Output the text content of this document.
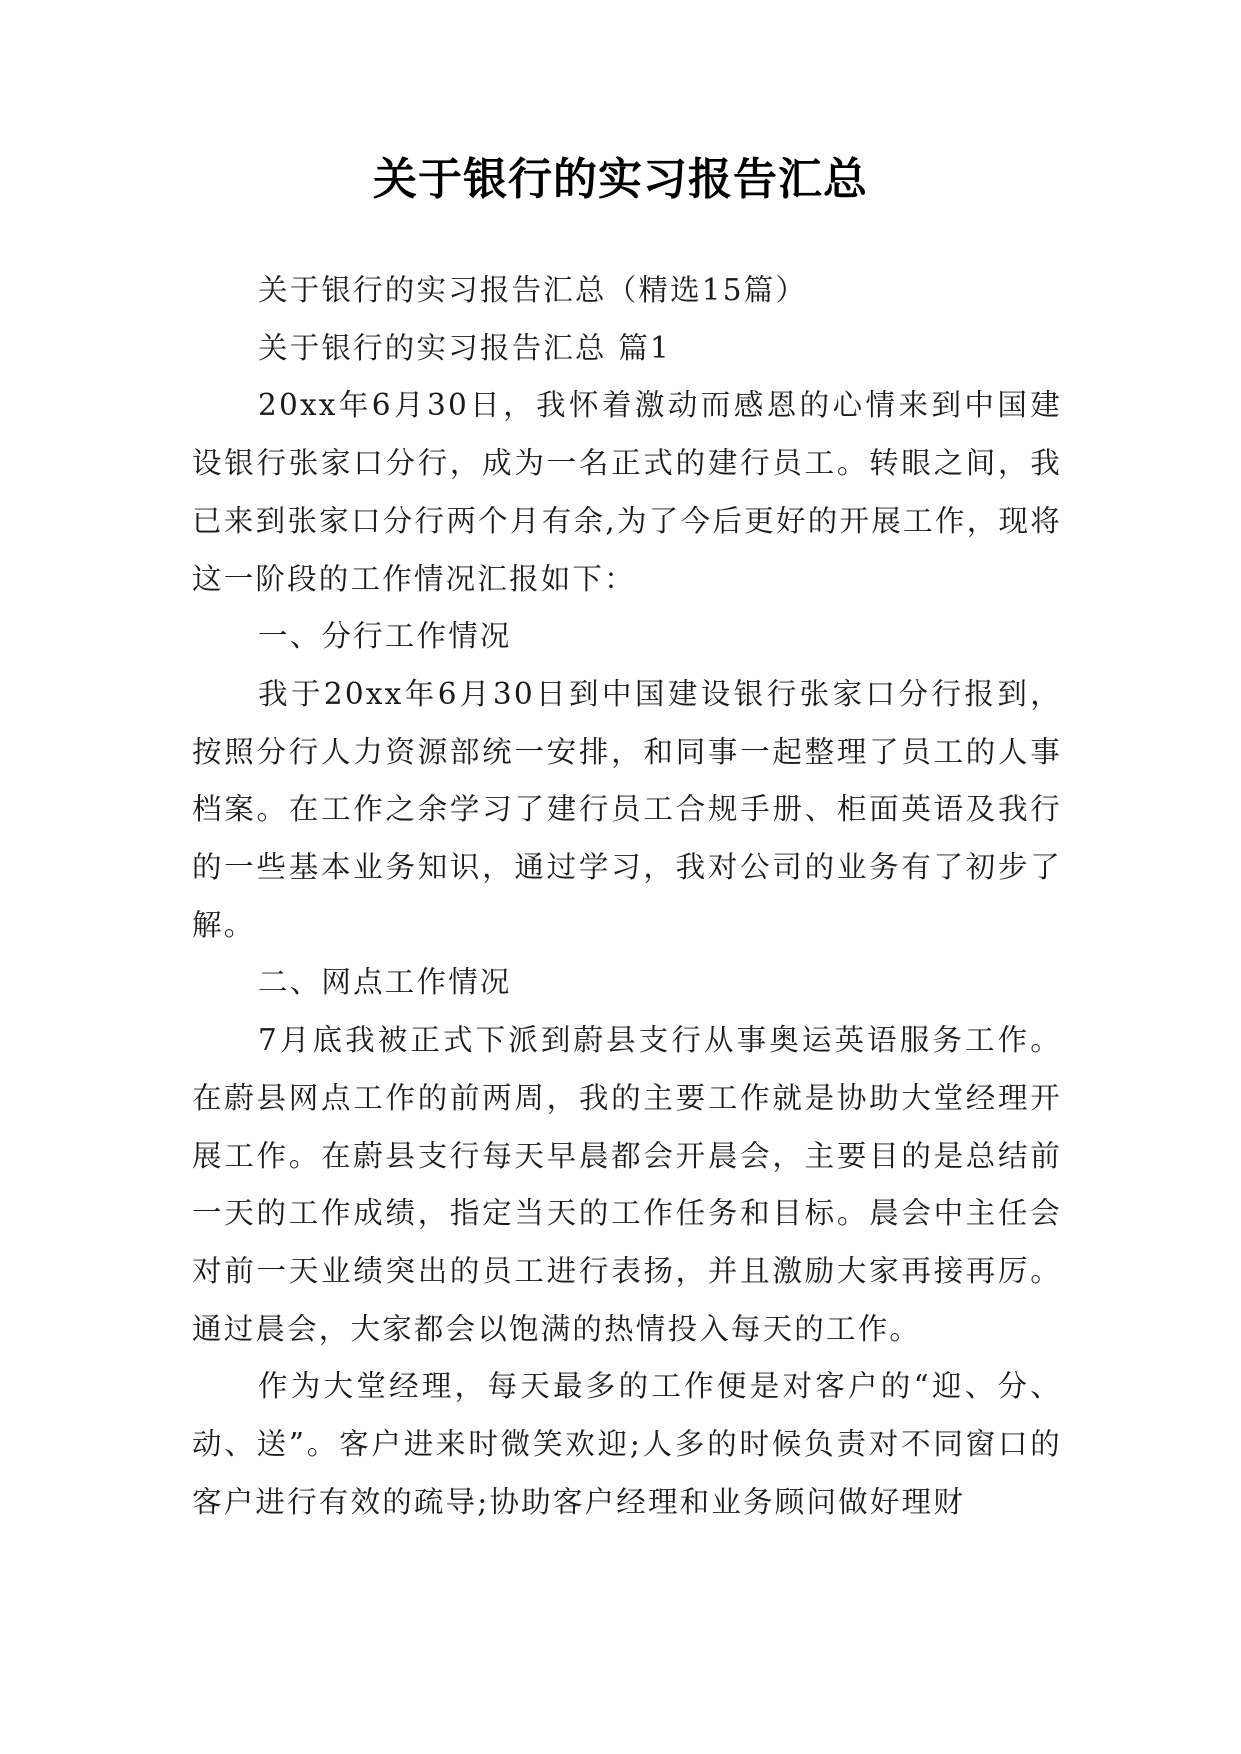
关于银行的实习报告汇总

关于银行的实习报告汇总（精选15篇）

关于银行的实习报告汇总 篇1

20xx年6月30日，我怀着激动而感恩的心情来到中国建设银行张家口分行，成为一名正式的建行员工。转眼之间，我已来到张家口分行两个月有余,为了今后更好的开展工作，现将这一阶段的工作情况汇报如下：

一、分行工作情况

我于20xx年6月30日到中国建设银行张家口分行报到，按照分行人力资源部统一安排，和同事一起整理了员工的人事档案。在工作之余学习了建行员工合规手册、柜面英语及我行的一些基本业务知识，通过学习，我对公司的业务有了初步了解。

二、网点工作情况

7月底我被正式下派到蔚县支行从事奥运英语服务工作。在蔚县网点工作的前两周，我的主要工作就是协助大堂经理开展工作。在蔚县支行每天早晨都会开晨会，主要目的是总结前一天的工作成绩，指定当天的工作任务和目标。晨会中主任会对前一天业绩突出的员工进行表扬，并且激励大家再接再厉。通过晨会，大家都会以饱满的热情投入每天的工作。

作为大堂经理，每天最多的工作便是对客户的“迎、分、动、送”。客户进来时微笑欢迎;人多的时候负责对不同窗口的客户进行有效的疏导;协助客户经理和业务顾问做好理财
